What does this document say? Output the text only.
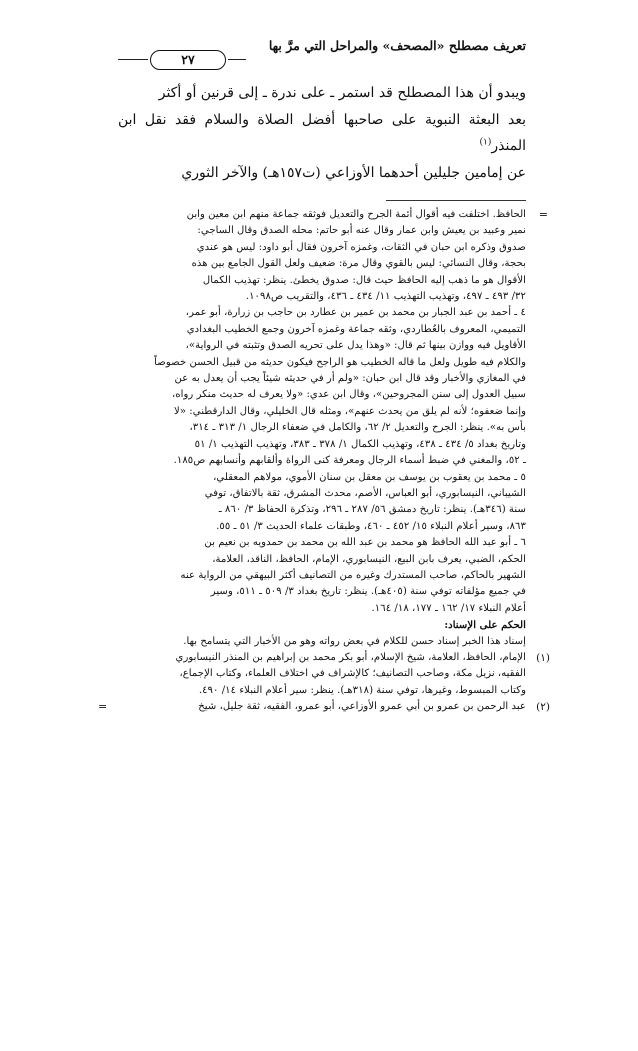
تعريف مصطلح «المصحف» والمراحل التي مرَّ بها
٢٧

ويبدو أن هذا المصطلح قد استمر ـ على ندرة ـ إلى قرنين أو أكثر

بعد البعثة النبوية على صاحبها أفضل الصلاة والسلام فقد نقل ابن المنذر$^{(١)}$

عن إمامين جليلين أحدهما الأوزاعي (ت١٥٧هـ) والآخر الثوري

=

الحافظ. اختلفت فيه أقوال أئمة الجرح والتعديل فوثقه جماعة منهم ابن معين وابن

نمير وعبيد بن يعيش وابن عمار وقال عنه أبو حاتم: محله الصدق وقال الساجي:

صدوق وذكره ابن حبان في الثقات، وغمزه آخرون فقال أبو داود: ليس هو عندي

بحجة، وقال النسائي: ليس بالقوي وقال مرة: ضعيف ولعل القول الجامع بين هذه

الأقوال هو ما ذهب إليه الحافظ حيث قال: صدوق يخطئ. ينظر: تهذيب الكمال

٣٢/ ٤٩٣ ـ ٤٩٧، وتهذيب التهذيب ١١/ ٤٣٤ ـ ٤٣٦، والتقريب ص١٠٩٨.

٤ ـ أحمد بن عبد الجبار بن محمد بن عمير بن عطارد بن حاجب بن زرارة، أبو عمر،

التميمي، المعروف بالعُطاردي، وثقه جماعة وغمزه آخرون وجمع الخطيب البغدادي

الأقاويل فيه ووازن بينها ثم قال: «وهذا يدل على تحريه الصدق وتثبته في الرواية»،

والكلام فيه طويل ولعل ما قاله الخطيب هو الراجح فيكون حديثه من قبيل الحسن خصوصاً

في المغازي والأخبار وقد قال ابن حبان: «ولم أر في حديثه شيئاً يجب أن يعدل به عن

سبيل العدول إلى سنن المجروحين»، وقال ابن عدي: «ولا يعرف له حديث منكر رواه،

وإنما ضعفوه؛ لأنه لم يلق من يحدث عنهم»، ومثله قال الخليلي، وقال الدارقطني: «لا

بأس به». ينظر: الجرح والتعديل ٢/ ٦٢، والكامل في ضعفاء الرجال ١/ ٣١٣ ـ ٣١٤،

وتاريخ بغداد ٥/ ٤٣٤ ـ ٤٣٨، وتهذيب الكمال ١/ ٣٧٨ ـ ٣٨٣، وتهذيب التهذيب ١/ ٥١

ـ ٥٢، والمغني في ضبط أسماء الرجال ومعرفة كنى الرواة وألقابهم وأنسابهم ص١٨٥.

٥ ـ محمد بن يعقوب بن يوسف بن معقل بن سنان الأموي، مولاهم المعقلي،

الشيباني، النيسابوري، أبو العباس، الأصم، محدث المشرق، ثقة بالاتفاق، توفي

سنة (٣٤٦هـ). ينظر: تاريخ دمشق ٥٦/ ٢٨٧ ـ ٢٩٦، وتذكرة الحفاظ ٣/ ٨٦٠ ـ

٨٦٣، وسير أعلام النبلاء ١٥/ ٤٥٢ ـ ٤٦٠، وطبقات علماء الحديث ٣/ ٥١ ـ ٥٥.

٦ ـ أبو عبد الله الحافظ هو محمد بن عبد الله بن محمد بن حمدويه بن نعيم بن

الحكم، الضبي، يعرف بابن البيع، النيسابوري، الإمام، الحافظ، الناقد، العلامة،

الشهير بالحاكم، صاحب المستدرك وغيره من التصانيف أكثر البيهقي من الرواية عنه

في جميع مؤلفاته توفي سنة (٤٠٥هـ). ينظر: تاريخ بغداد ٣/ ٥٠٩ ـ ٥١١، وسير

أعلام النبلاء ١٧/ ١٦٢ ـ ١٧٧، ١٨/ ١٦٤.

الحكم على الإسناد:

إسناد هذا الخبر إسناد حسن للكلام في بعض رواته وهو من الأخبار التي يتسامح بها.

(١)

الإمام، الحافظ، العلامة، شيخ الإسلام، أبو بكر محمد بن إبراهيم بن المنذر النيسابوري

الفقيه، نزيل مكة، وصاحب التصانيف؛ كالإشراف في اختلاف العلماء، وكتاب الإجماع،

وكتاب المبسوط، وغيرها، توفي سنة (٣١٨هـ). ينظر: سير أعلام النبلاء ١٤/ ٤٩٠.

(٢)

عبد الرحمن بن عمرو بن أبي عمرو الأوزاعي، أبو عمرو، الفقيه، ثقة جليل، شيخ

=
